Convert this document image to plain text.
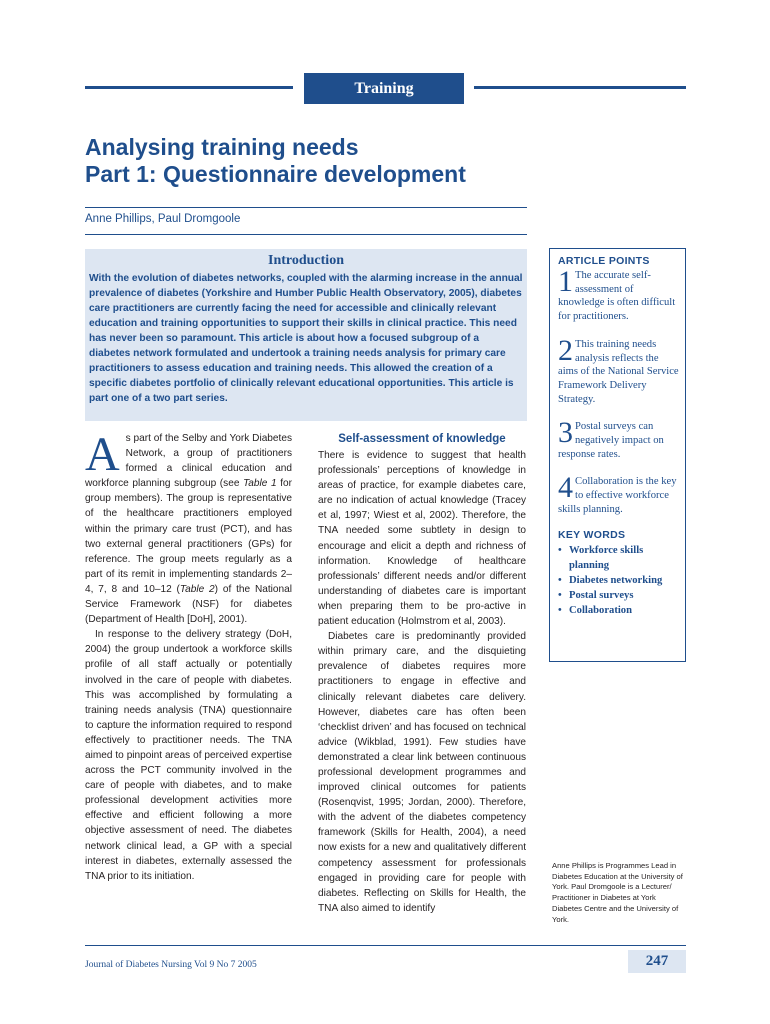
Training
Analysing training needs
Part 1: Questionnaire development
Anne Phillips, Paul Dromgoole
Introduction

With the evolution of diabetes networks, coupled with the alarming increase in the annual prevalence of diabetes (Yorkshire and Humber Public Health Observatory, 2005), diabetes care practitioners are currently facing the need for accessible and clinically relevant education and training opportunities to support their skills in clinical practice. This need has never been so paramount. This article is about how a focused subgroup of a diabetes network formulated and undertook a training needs analysis for primary care practitioners to assess education and training needs. This allowed the creation of a specific diabetes portfolio of clinically relevant educational opportunities. This article is part one of a two part series.

As part of the Selby and York Diabetes Network, a group of practitioners formed a clinical education and workforce planning subgroup (see Table 1 for group members). The group is representative of the healthcare practitioners employed within the primary care trust (PCT), and has two external general practitioners (GPs) for reference. The group meets regularly as a part of its remit in implementing standards 2–4, 7, 8 and 10–12 (Table 2) of the National Service Framework (NSF) for diabetes (Department of Health [DoH], 2001).

In response to the delivery strategy (DoH, 2004) the group undertook a workforce skills profile of all staff actually or potentially involved in the care of people with diabetes. This was accomplished by formulating a training needs analysis (TNA) questionnaire to capture the information required to respond effectively to practitioner needs. The TNA aimed to pinpoint areas of perceived expertise across the PCT community involved in the care of people with diabetes, and to make professional development activities more effective and efficient following a more objective assessment of need. The diabetes network clinical lead, a GP with a special interest in diabetes, externally assessed the TNA prior to its initiation.

Self-assessment of knowledge

There is evidence to suggest that health professionals’ perceptions of knowledge in areas of practice, for example diabetes care, are no indication of actual knowledge (Tracey et al, 1997; Wiest et al, 2002). Therefore, the TNA needed some subtlety in design to encourage and elicit a depth and richness of information. Knowledge of healthcare professionals’ different needs and/or different understanding of diabetes care is important when preparing them to be pro-active in patient education (Holmstrom et al, 2003).

Diabetes care is predominantly provided within primary care, and the disquieting prevalence of diabetes requires more practitioners to engage in effective and clinically relevant diabetes care delivery. However, diabetes care has often been ‘checklist driven’ and has focused on technical advice (Wikblad, 1991). Few studies have demonstrated a clear link between continuous professional development programmes and improved clinical outcomes for patients (Rosenqvist, 1995; Jordan, 2000). Therefore, with the advent of the diabetes competency framework (Skills for Health, 2004), a need now exists for a new and qualitatively different competency assessment for professionals engaged in providing care for people with diabetes. Reflecting on Skills for Health, the TNA also aimed to identify

ARTICLE POINTS
1 The accurate self-assessment of knowledge is often difficult for practitioners.
2 This training needs analysis reflects the aims of the National Service Framework Delivery Strategy.
3 Postal surveys can negatively impact on response rates.
4 Collaboration is the key to effective workforce skills planning.
KEY WORDS
• Workforce skills planning
• Diabetes networking
• Postal surveys
• Collaboration
Anne Phillips is Programmes Lead in Diabetes Education at the University of York. Paul Dromgoole is a Lecturer/ Practitioner in Diabetes at York Diabetes Centre and the University of York.
Journal of Diabetes Nursing Vol 9 No 7 2005	247
